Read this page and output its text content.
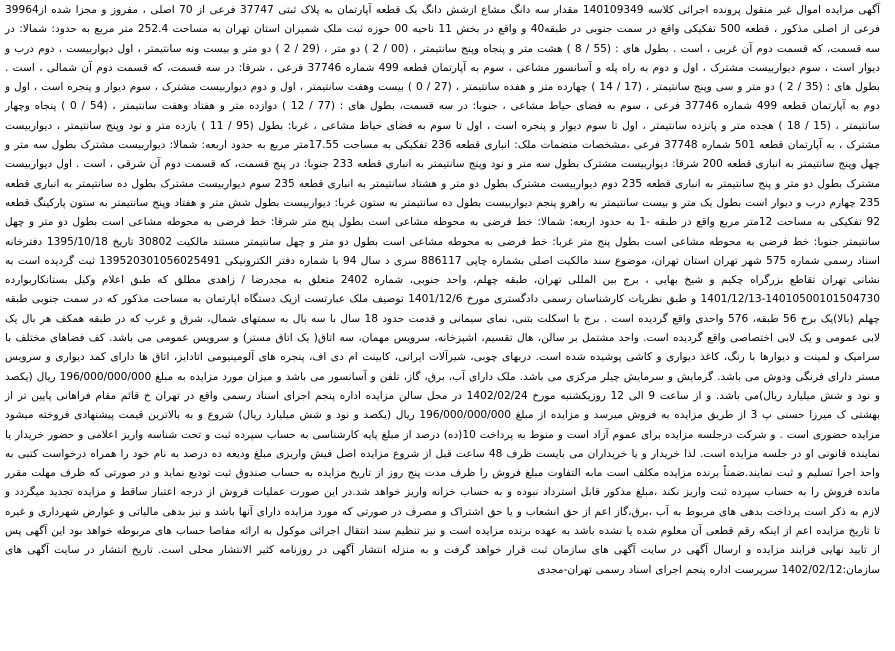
آگهی مزایده اموال غیر منقول پرونده اجرائی کلاسه 140109349 مقدار سه دانگ مشاع ازشش دانگ یک قطعه آپارتمان به پلاک ثبتی 37747 فرعی از 70 اصلی ، مفروز و مجزا شده از39964 فرعی از اصلی مذکور ، قطعه 500 تفکیکی واقع در سمت جنوبی در طبقه40 و واقع در بخش 11 ناحیه 00 حوزه ثبت ملک شمیران استان تهران به مساحت 252.4 متر مربع به حدود: شمالا: در سه قسمت، که قسمت دوم آن غربی ، است . بطول های : (55 / 8 ) هشت متر و پنجاه وپنج سانتیمتر ، (00 / 2 ) دو متر ، (29 / 2 ) دو متر و بیست ونه سانتیمتر ، اول دیواربیست ، دوم درب و دیوار است ، سوم دیواربیست مشترک ، اول و دوم به راه پله و آسانسور مشاعی ، سوم به آپارتمان قطعه 499 شماره 37746 فرعی ، شرقا: در سه قسمت، که قسمت دوم آن شمالی ، است . بطول های : (35 / 2 ) دو متر و سی وپنج سانتیمتر ، (17 / 14 ) چهارده متر و هفده سانتیمتر ، (27 / 0 ) بیست وهفت سانتیمتر ، اول و دوم دیواربیست مشترک ، سوم دیوار و پنجره است ، اول و دوم به آپارتمان قطعه 499 شماره 37746 فرعی ، سوم به فضای حیاط مشاعی ، جنوبا: در سه قسمت، بطول های : (77 / 12 ) دوازده متر و هفتاد وهفت سانتیمتر ، (54 / 0 ) پنجاه وچهار سانتیمتر ، (15 / 18 ) هجده متر و پانزده سانتیمتر ، اول تا سوم دیوار و پنجره است ، اول تا سوم به فضای حیاط مشاعی ، غربا: بطول (95 / 11 ) یازده متر و نود وپنج سانتیمتر ، دیواربیست مشترک ، به آپارتمان قطعه 501 شماره 37748 فرعی ،مشخصات منضمات ملک: انباری قطعه 236 تفکیکی به مساحت 17.55متر مربع به حدود اربعه: شمالا: دیواربیست مشترک بطول سه متر و چهل وپنج سانتیمتر به انباری قطعه 200 شرقا: دیواربیست مشترک بطول سه متر و نود وپنج سانتیمتر به انباری قطعه 233 جنوبا: در پنج قسمت، که قسمت دوم آن شرقی ، است . اول دیواربیست مشترک بطول دو متر و پنج سانتیمتر به انباری قطعه 235 دوم دیواربیست مشترک بطول دو متر و هشتاد سانتیمتر به انباری قطعه 235 سوم دیواربیست مشترک بطول ده سانتیمتر به انباری قطعه 235 چهارم درب و دیوار است بطول یک متر و بیست سانتیمتر به راهرو پنجم دیواربیست بطول ده سانتیمتر به ستون غربا: دیواربیست بطول شش متر و هفتاد وپنج سانتیمتر به ستون پارکینگ قطعه 92 تفکیکی به مساحت 12متر مربع واقع در طبقه -1 به حدود اربعه: شمالا: خط فرضی به محوطه مشاعی است بطول پنج متر شرقا: خط فرضی به محوطه مشاعی است بطول دو متر و چهل سانتیمتر جنوبا: خط فرضی به محوطه مشاعی است بطول پنج متر غربا: خط فرضی به محوطه مشاعی است بطول دو متر و چهل سانتیمتر مستند مالکیت 30802 تاریخ 1395/10/18 دفترخانه اسناد رسمی شماره 575 شهر تهران استان تهران، موضوع سند مالکیت اصلی بشماره چاپی 886117 سری د سال 94 با شماره دفتر الکترونیکی 139520301056025491 ثبت گردیده است به نشانی تهران تقاطع بزرگراه چکیم و شیخ بهایی ، برج بین المللی تهران، طبقه چهلم، واحد جنوبی، شماره 2402 متعلق به مجدرضا / زاهدی مطلق که طبق اعلام وکیل بستانکاربوارده 14010500101504730-1401/12/13 و طبق نظریات کارشناسان رسمی دادگستری مورخ 1401/12/6 توصیف ملک عبارتست ازیک دستگاه اپارتمان به مساحت مذکور که در سمت جنوبی طبقه چهلم (بالا)یک برج 56 طبقه، 576 واحدی واقع گردیده است . برج با اسکلت بتنی، نمای سیمانی و قدمت حدود 18 سال با سه بال به سمتهای شمال، شرق و غرب که در طبقه همکف هر بال یک لابی عمومی و یک لابی اختصاصی واقع گردیده است. واحد مشتمل بر سالن، هال تقسیم، اشپزخانه، سرویس مهمان، سه اتاق( یک اتاق مستر) و سرویس عمومی می باشد. کف فضاهای مختلف با سرامیک و لمینت و دیوارها با رنگ، کاغذ دیواری و کاشی پوشیده شده است. دربهای چوبی، شیرآلات ایرانی، کابینت ام دی اف، پنجره های آلومینیومی اتادایز، اتاق ها دارای کمد دیواری و سرویس مستر دارای فرنگی ودوش می باشد. گرمایش و سرمایش چیلر مرکزی می باشد. ملک دارای آب، برق، گاز، تلفن و آسانسور می باشد و میزان مورد مزایده به مبلغ 196/000/000/000 ریال (یکصد و نود و شش میلیارد ریال)می باشد. و از ساعت 9 الی 12 روزیکشنبه مورخ 1402/02/24 در محل سالن مزایده اداره پنجم اجرای اسناد رسمی واقع در تهران خ قائم مقام فراهانی پایین تر از بهشتی ک میرزا حسنی پ 3 از طریق مزایده به فروش میرسد و مزایده از مبلغ 196/000/000/000 ریال (یکصد و نود و شش میلیارد ریال) شروع و به بالاترین قیمت پیشنهادی فروخته میشود مزایده حضوری است . و شرکت درجلسه مزایده برای عموم آزاد است و منوط به پرداخت 10(ده) درصد از مبلغ پایه کارشناسی به حساب سپرده ثبت و تحت شناسه واریز اعلامی و حضور خریدار یا نماینده قانونی او در جلسه مزایده است. لذا خریدار و یا خریداران می بایست ظرف 48 ساعت قبل از شروع مزایده اصل فیش واریزی مبلغ ودیعه ده درصد به نام خود را همراه درخواست کتبی به واحد اجرا تسلیم و ثبت نمایند.ضمناً برنده مزایده مکلف است مابه التفاوت مبلغ فروش را ظرف مدت پنج روز از تاریخ مزایده به حساب صندوق ثبت تودیع نماید و در صورتی که ظرف مهلت مقرر مانده فروش را به حساب سپرده ثبت واریز نکند ،مبلغ مذکور قابل استرداد نبوده و به حساب خزانه واریز خواهد شد.در این صورت عملیات فروش از درجه اعتبار ساقط و مزایده تجدید میگردد و لازم به ذکر است پرداخت بدهی های مربوط به آب ،برق،گاز اعم از حق انشعاب و یا حق اشتراک و مصرف در صورتی که مورد مزایده دارای آنها باشد و نیز بدهی مالیاتی و عوارض شهرداری و غیره تا تاریخ مزایده اعم از اینکه رقم قطعی آن معلوم شده یا نشده باشد به عهده برنده مزایده است و نیز تنظیم سند انتقال اجرائی موکول به ارائه مفاصا حساب های مربوطه خواهد بود این آگهی پس از تایید نهایی فرایند مزایده و ارسال آگهی در سایت آگهی های سازمان ثبت قرار خواهد گرفت و به منزله انتشار آگهی در روزنامه کثیر الانتشار محلی است. تاریخ انتشار در سایت آگهی های سازمان:1402/02/12 سرپرست اداره پنجم اجرای اسناد رسمی تهران-مجدی
